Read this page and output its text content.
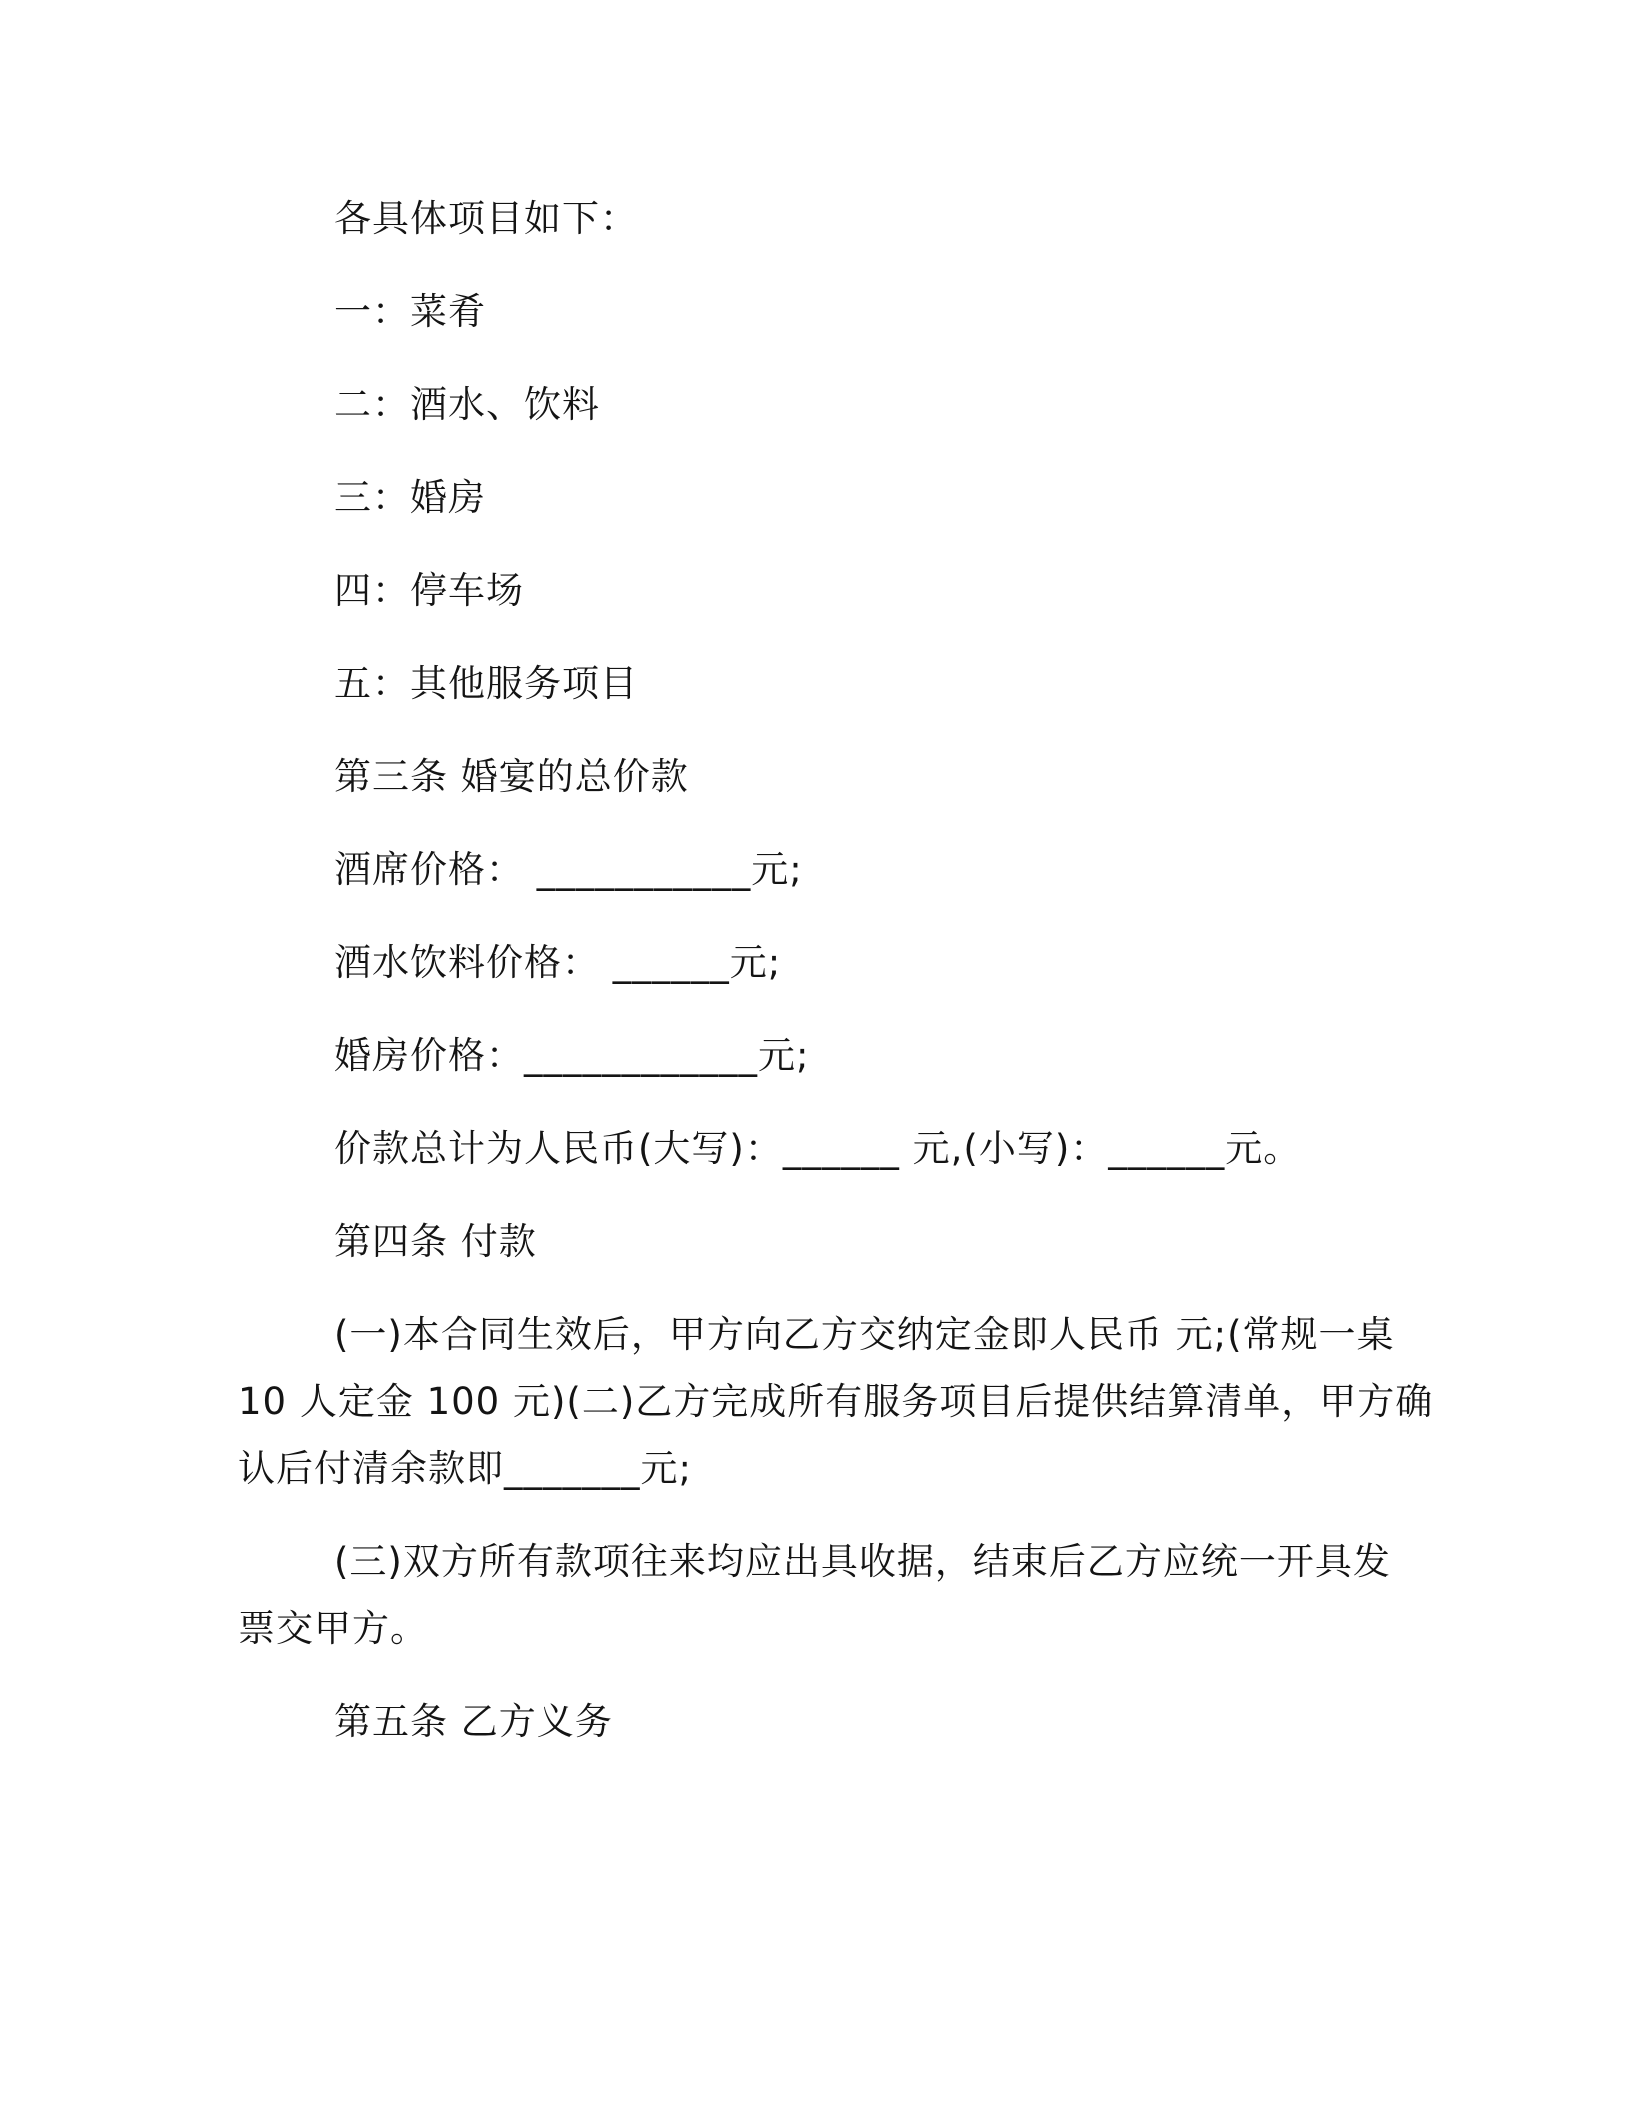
各具体项目如下：
一：菜肴
二：酒水、饮料
三：婚房
四：停车场
五：其他服务项目
第三条 婚宴的总价款
酒席价格： ___________元;
酒水饮料价格： ______元;
婚房价格：____________元;
价款总计为人民币(大写)：______ 元,(小写)：______元。
第四条 付款
(一)本合同生效后，甲方向乙方交纳定金即人民币 元;(常规一桌
10 人定金 100 元)(二)乙方完成所有服务项目后提供结算清单，甲方确
认后付清余款即_______元;
(三)双方所有款项往来均应出具收据，结束后乙方应统一开具发
票交甲方。
第五条 乙方义务
